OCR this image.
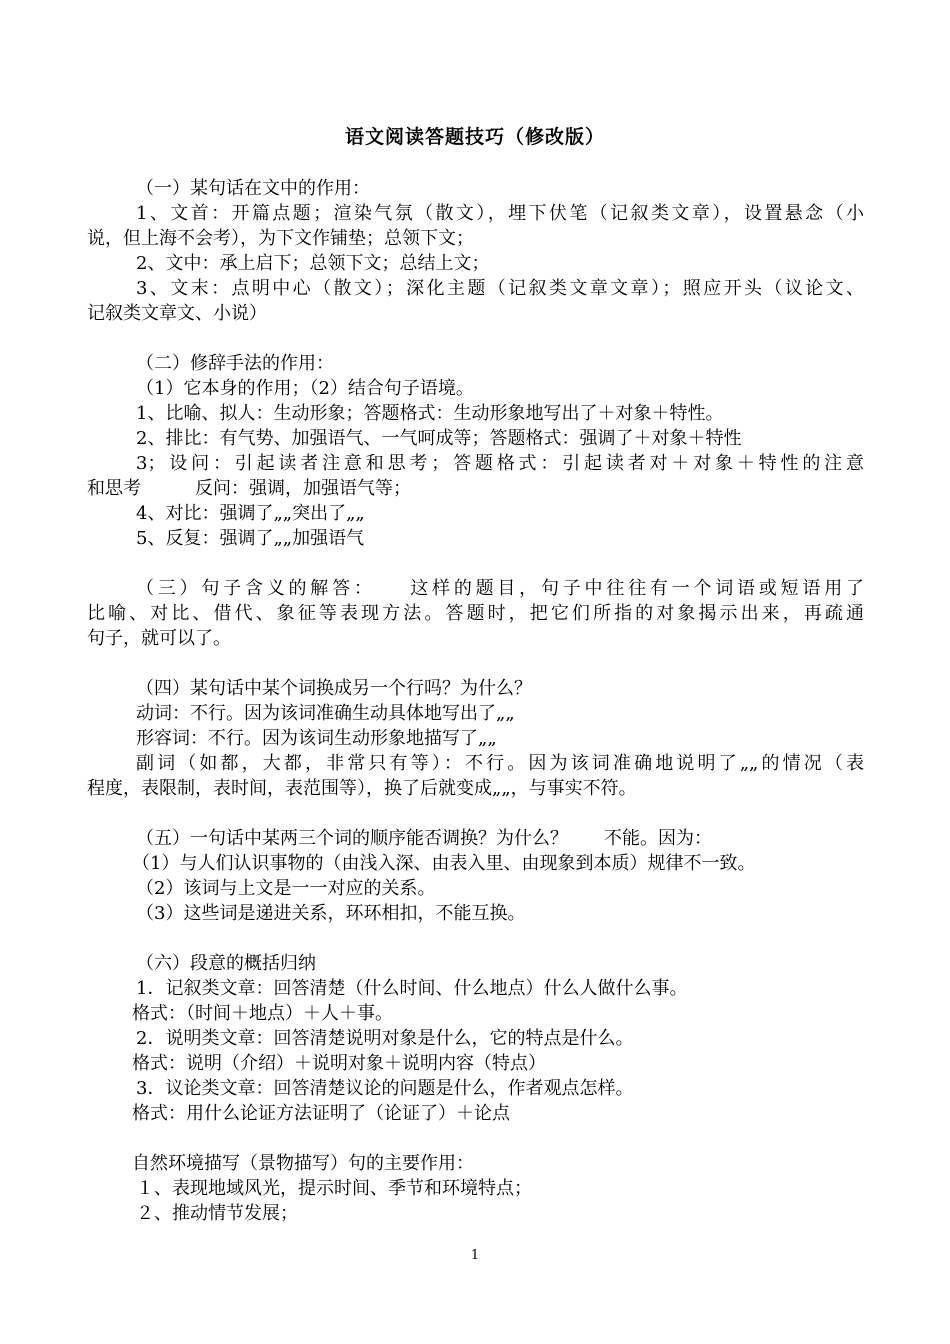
语文阅读答题技巧（修改版）
（一）某句话在文中的作用：
1、文首：开篇点题；渲染气氛（散文），埋下伏笔（记叙类文章），设置悬念（小
说，但上海不会考），为下文作铺垫；总领下文；
2、文中：承上启下；总领下文；总结上文；
3、文末：点明中心（散文）；深化主题（记叙类文章文章）；照应开头（议论文、
记叙类文章文、小说）
（二）修辞手法的作用：
（1）它本身的作用；（2）结合句子语境。
1、比喻、拟人：生动形象；答题格式：生动形象地写出了＋对象＋特性。
2、排比：有气势、加强语气、一气呵成等；答题格式：强调了＋对象＋特性
3；设问：引起读者注意和思考；答题格式：引起读者对＋对象＋特性的注意
和思考　　　反问：强调，加强语气等；
4、对比：强调了„„突出了„„
5、反复：强调了„„加强语气
（三）句子含义的解答：　　这样的题目，句子中往往有一个词语或短语用了
比喻、对比、借代、象征等表现方法。答题时，把它们所指的对象揭示出来，再疏通
句子，就可以了。
（四）某句话中某个词换成另一个行吗？为什么？
动词：不行。因为该词准确生动具体地写出了„„
形容词：不行。因为该词生动形象地描写了„„
副词（如都，大都，非常只有等）：不行。因为该词准确地说明了„„的情况（表
程度，表限制，表时间，表范围等），换了后就变成„„，与事实不符。
（五）一句话中某两三个词的顺序能否调换？为什么？　　不能。因为：
（1）与人们认识事物的（由浅入深、由表入里、由现象到本质）规律不一致。
（2）该词与上文是一一对应的关系。
（3）这些词是递进关系，环环相扣，不能互换。
（六）段意的概括归纳
1．记叙类文章：回答清楚（什么时间、什么地点）什么人做什么事。
格式：（时间＋地点）＋人＋事。
2．说明类文章：回答清楚说明对象是什么，它的特点是什么。
格式：说明（介绍）＋说明对象＋说明内容（特点）
3．议论类文章：回答清楚议论的问题是什么，作者观点怎样。
格式：用什么论证方法证明了（论证了）＋论点
自然环境描写（景物描写）句的主要作用：
１、表现地域风光，提示时间、季节和环境特点；
２、推动情节发展；
1
